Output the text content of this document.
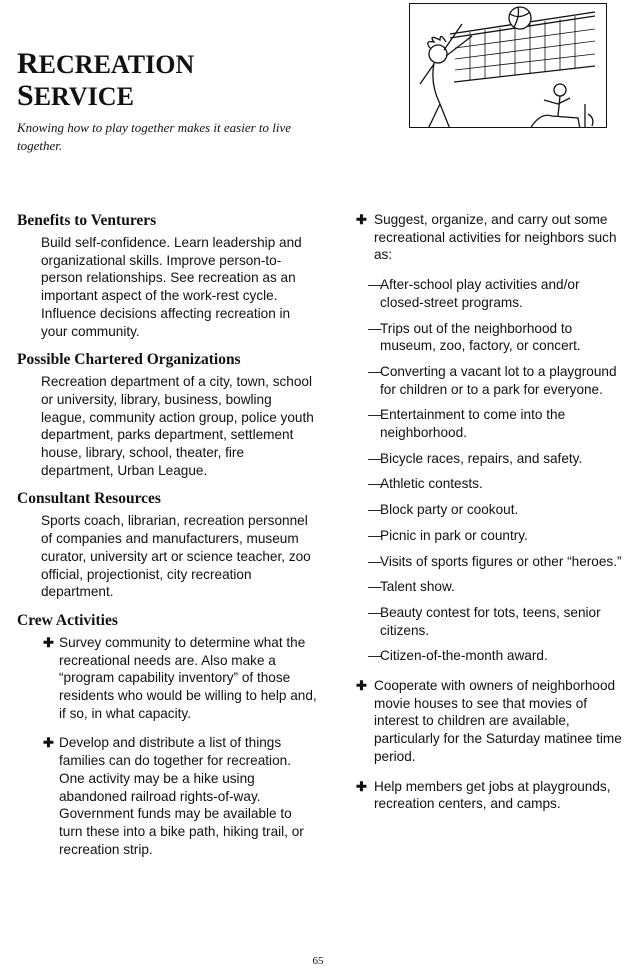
RECREATION
SERVICE
Knowing how to play together makes it easier to live together.
Benefits to Venturers

Build self-confidence. Learn leadership and organizational skills. Improve person-to-person relationships. See recreation as an important aspect of the work-rest cycle. Influence decisions affecting recreation in your community.

Possible Chartered Organizations

Recreation department of a city, town, school or university, library, business, bowling league, community action group, police youth department, parks department, settlement house, library, school, theater, fire department, Urban League.

Consultant Resources

Sports coach, librarian, recreation personnel of companies and manufacturers, museum curator, university art or science teacher, zoo official, projectionist, city recreation department.

Crew Activities
✚ Survey community to determine what the recreational needs are. Also make a “program capability inventory” of those residents who would be willing to help and, if so, in what capacity.
✚ Develop and distribute a list of things families can do together for recreation. One activity may be a hike using abandoned railroad rights-of-way. Government funds may be available to turn these into a bike path, hiking trail, or recreation strip.
✚ Suggest, organize, and carry out some recreational activities for neighbors such as:
—
After-school play activities and/or closed-street programs.
—
Trips out of the neighborhood to museum, zoo, factory, or concert.
—
Converting a vacant lot to a playground for children or to a park for everyone.
—
Entertainment to come into the neighborhood.
—
Bicycle races, repairs, and safety.
—
Athletic contests.
—
Block party or cookout.
—
Picnic in park or country.
—
Visits of sports figures or other “heroes.”
—
Talent show.
—
Beauty contest for tots, teens, senior citizens.
—
Citizen-of-the-month award.
✚ Cooperate with owners of neighborhood movie houses to see that movies of interest to children are available, particularly for the Saturday matinee time period.
✚ Help members get jobs at playgrounds, recreation centers, and camps.
65
